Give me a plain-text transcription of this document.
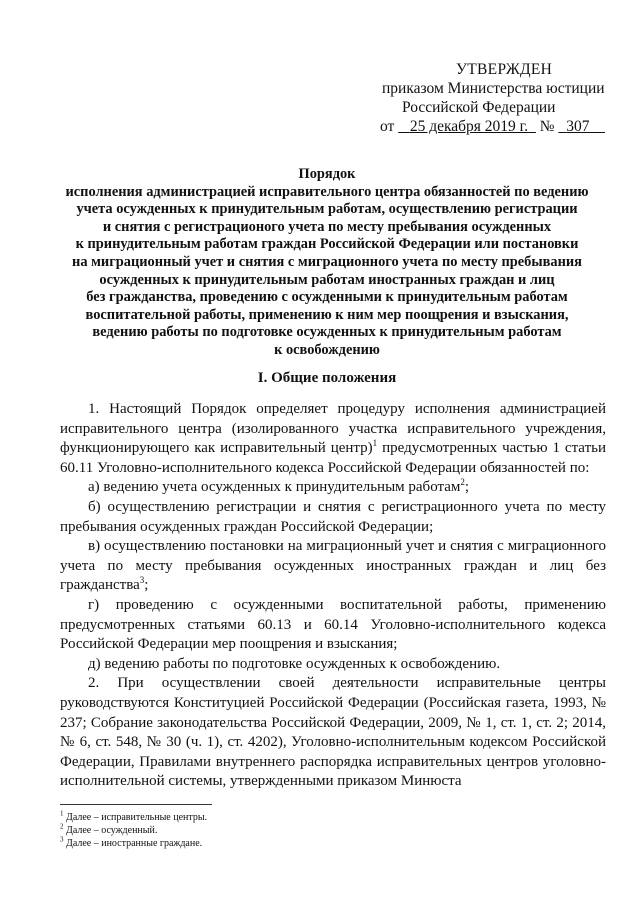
УТВЕРЖДЕН
приказом Министерства юстиции
Российской Федерации
от 25 декабря 2019 г. № 307
Порядок
исполнения администрацией исправительного центра обязанностей по ведению
учета осужденных к принудительным работам, осуществлению регистрации
и снятия с регистрационого учета по месту пребывания осужденных
к принудительным работам граждан Российской Федерации или постановки
на миграционный учет и снятия с миграционного учета по месту пребывания
осужденных к принудительным работам иностранных граждан и лиц
без гражданства, проведению с осужденными к принудительным работам
воспитательной работы, применению к ним мер поощрения и взыскания,
ведению работы по подготовке осужденных к принудительным работам
к освобождению
I. Общие положения

1. Настоящий Порядок определяет процедуру исполнения администрацией исправительного центра (изолированного участка исправительного учреждения, функционирующего как исправительный центр)$^1$ предусмотренных частью 1 статьи 60.11 Уголовно-исполнительного кодекса Российской Федерации обязанностей по:

а) ведению учета осужденных к принудительным работам$^2$;

б) осуществлению регистрации и снятия с регистрационного учета по месту пребывания осужденных граждан Российской Федерации;

в) осуществлению постановки на миграционный учет и снятия с миграционного учета по месту пребывания осужденных иностранных граждан и лиц без гражданства$^3$;

г) проведению с осужденными воспитательной работы, применению предусмотренных статьями 60.13 и 60.14 Уголовно-исполнительного кодекса Российской Федерации мер поощрения и взыскания;

д) ведению работы по подготовке осужденных к освобождению.

2. При осуществлении своей деятельности исправительные центры руководствуются Конституцией Российской Федерации (Российская газета, 1993, № 237; Собрание законодательства Российской Федерации, 2009, № 1, ст. 1, ст. 2; 2014, № 6, ст. 548, № 30 (ч. 1), ст. 4202), Уголовно-исполнительным кодексом Российской Федерации, Правилами внутреннего распорядка исправительных центров уголовно-исполнительной системы, утвержденными приказом Минюста

$^1$ Далее – исправительные центры.
$^2$ Далее – осужденный.
$^3$ Далее – иностранные граждане.
